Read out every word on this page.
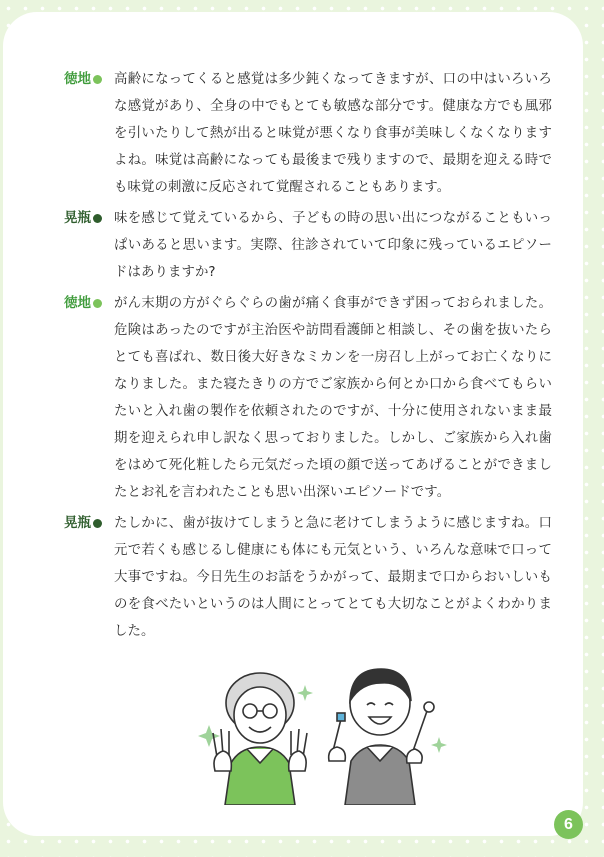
徳地 高齢になってくると感覚は多少鈍くなってきますが、口の中はいろいろな感覚があり、全身の中でもとても敏感な部分です。健康な方でも風邪を引いたりして熱が出ると味覚が悪くなり食事が美味しくなくなりますよね。味覚は高齢になっても最後まで残りますので、最期を迎える時でも味覚の刺激に反応されて覚醒されることもあります。

晃瓶 味を感じて覚えているから、子どもの時の思い出につながることもいっぱいあると思います。実際、往診されていて印象に残っているエピソードはありますか?

徳地 がん末期の方がぐらぐらの歯が痛く食事ができず困っておられました。危険はあったのですが主治医や訪問看護師と相談し、その歯を抜いたらとても喜ばれ、数日後大好きなミカンを一房召し上がってお亡くなりになりました。また寝たきりの方でご家族から何とか口から食べてもらいたいと入れ歯の製作を依頼されたのですが、十分に使用されないまま最期を迎えられ申し訳なく思っておりました。しかし、ご家族から入れ歯をはめて死化粧したら元気だった頃の顔で送ってあげることができましたとお礼を言われたことも思い出深いエピソードです。

晃瓶 たしかに、歯が抜けてしまうと急に老けてしまうように感じますね。口元で若くも感じるし健康にも体にも元気という、いろんな意味で口って大事ですね。今日先生のお話をうかがって、最期まで口からおいしいものを食べたいというのは人間にとってとても大切なことがよくわかりました。

6
